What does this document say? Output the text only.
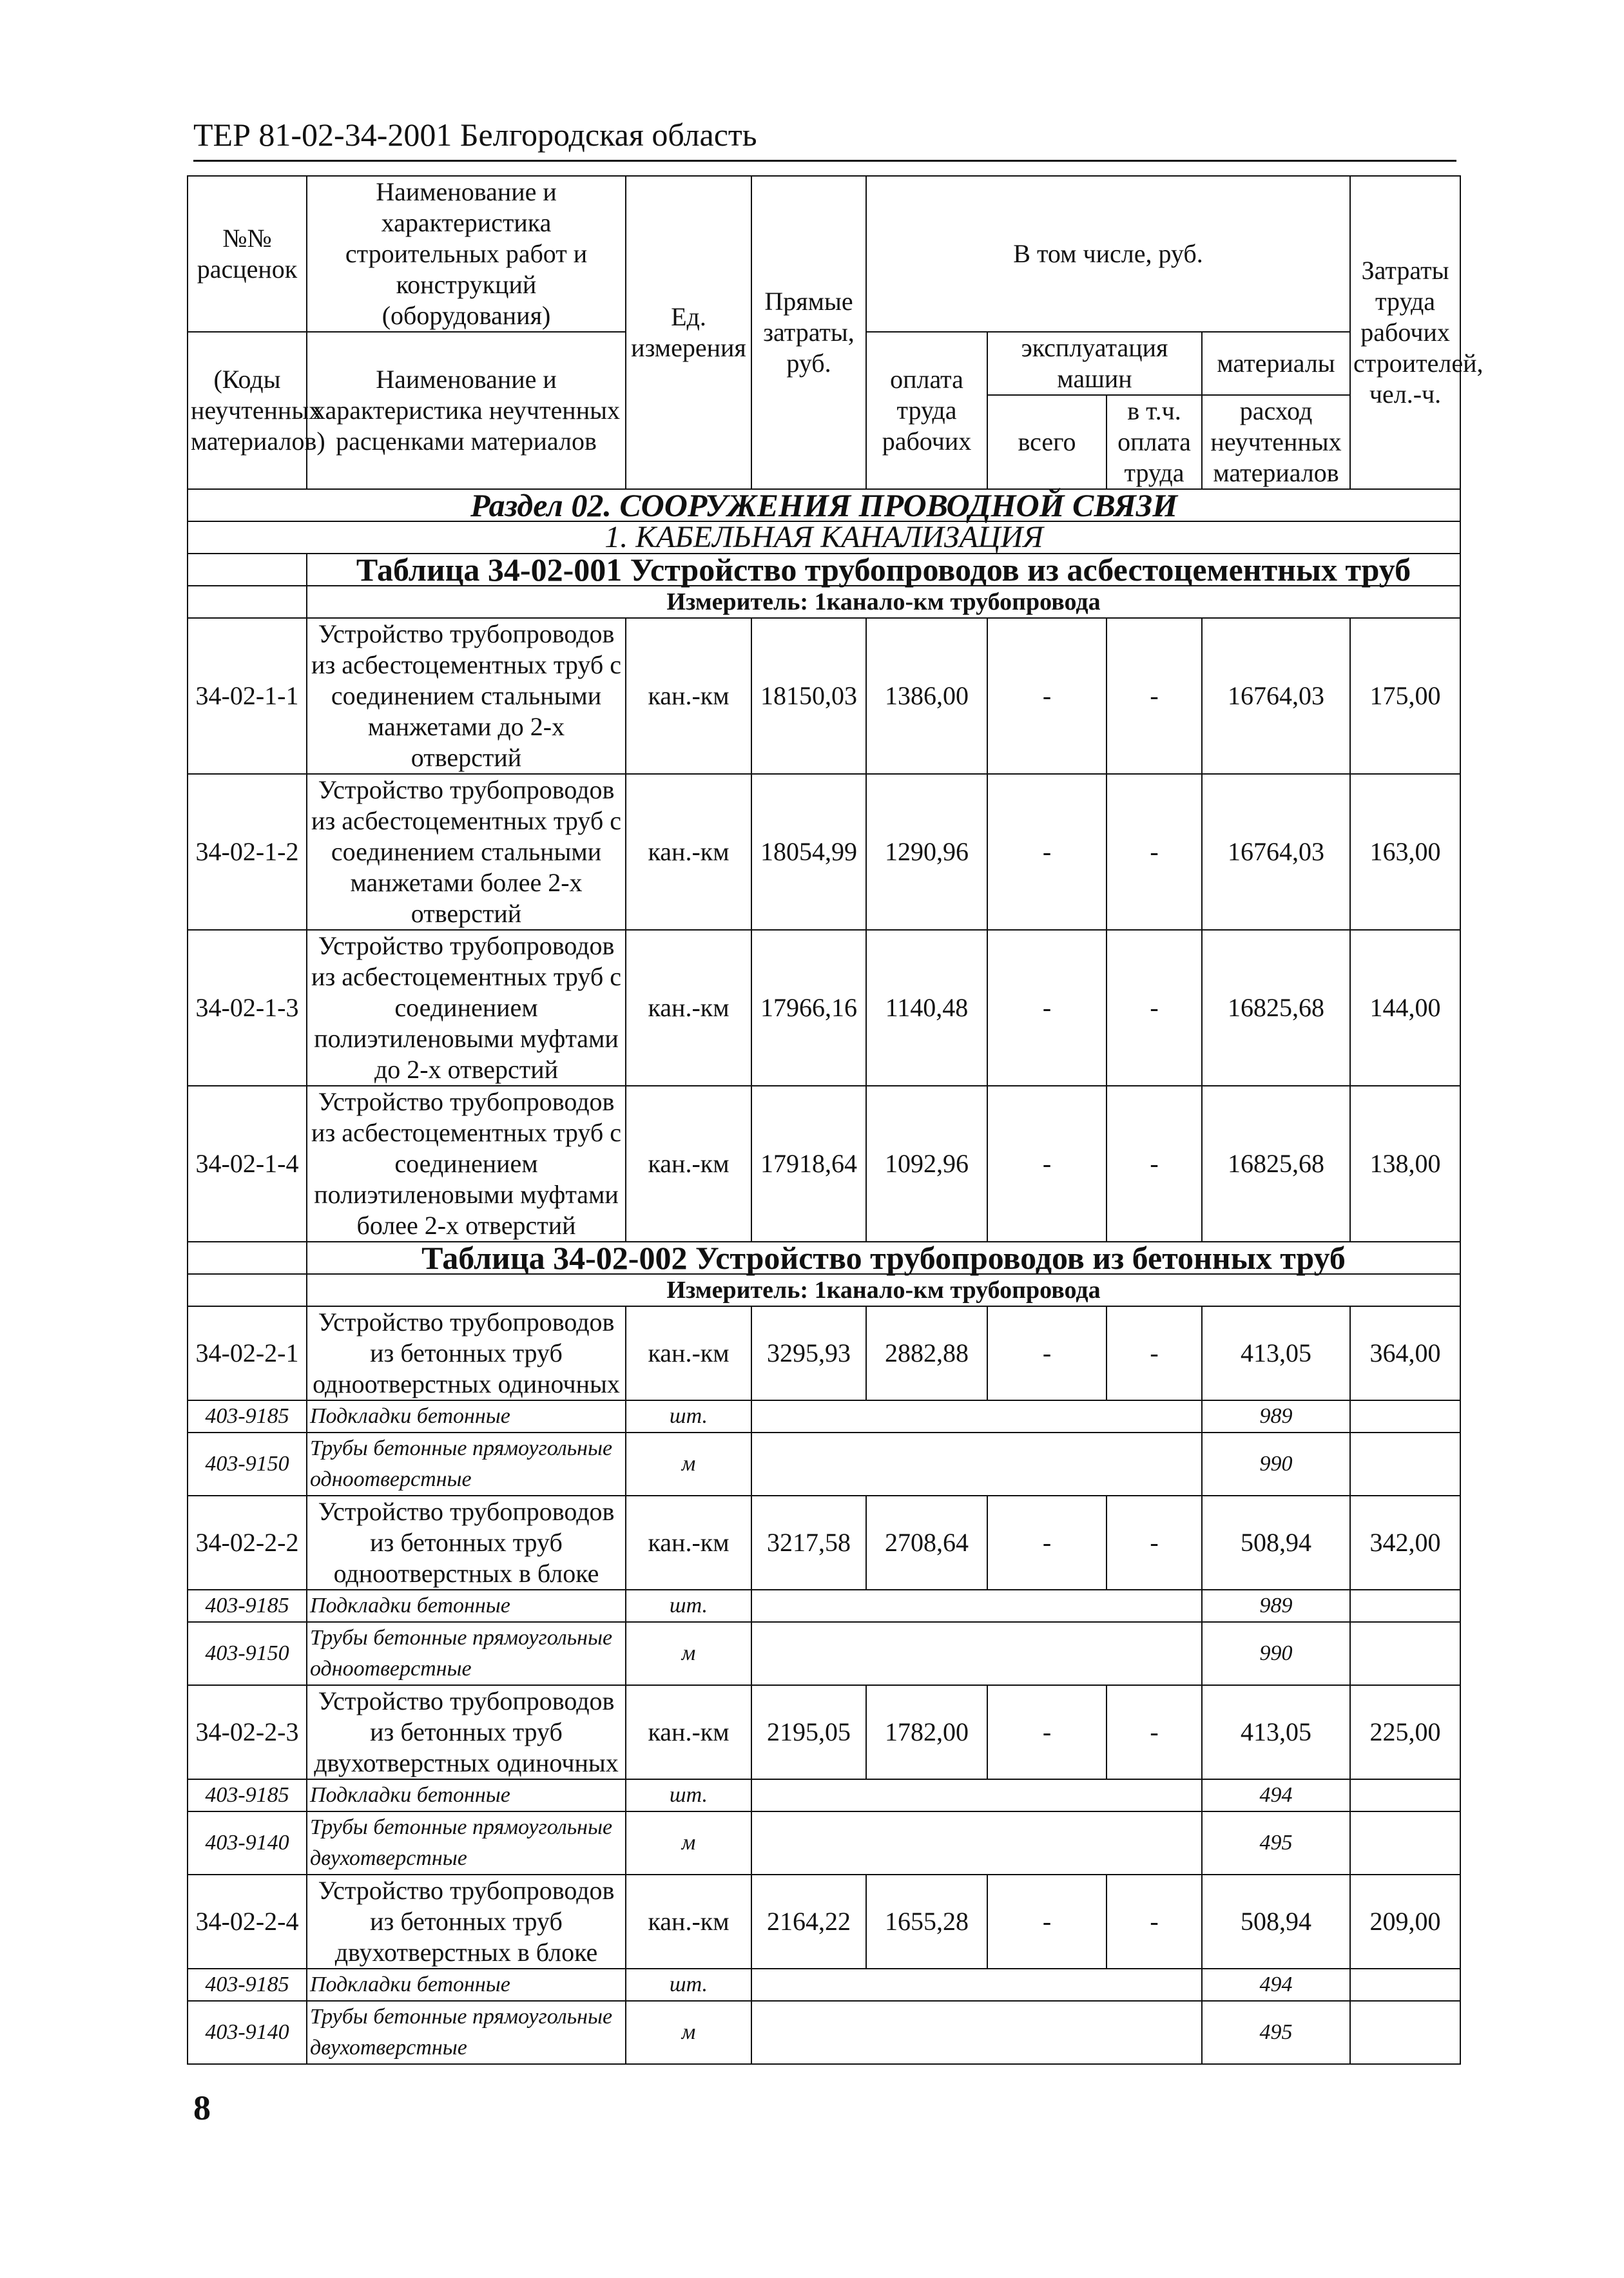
ТЕР 81-02-34-2001 Белгородская область
№№ расценок	Наименование и характеристика строительных работ и конструкций (оборудования)	Ед. измерения	Прямые затраты, руб.	В том числе, руб.				Затраты труда рабочих строителей, чел.-ч.
(Коды неучтенных материалов)	Наименование и характеристика неучтенных расценками материалов			оплата труда рабочих	эксплуатация машин		материалы	
					всего	в т.ч. оплата труда	расход неучтенных материалов	
Раздел 02. СООРУЖЕНИЯ ПРОВОДНОЙ СВЯЗИ								
1. КАБЕЛЬНАЯ КАНАЛИЗАЦИЯ								
	Таблица 34-02-001 Устройство трубопроводов из асбестоцементных труб							
	Измеритель: 1канало-км трубопровода							
34-02-1-1	Устройство трубопроводов из асбестоцементных труб с соединением стальными манжетами до 2-х отверстий	кан.-км	18150,03	1386,00	-	-	16764,03	175,00
34-02-1-2	Устройство трубопроводов из асбестоцементных труб с соединением стальными манжетами более 2-х отверстий	кан.-км	18054,99	1290,96	-	-	16764,03	163,00
34-02-1-3	Устройство трубопроводов из асбестоцементных труб с соединением полиэтиленовыми муфтами до 2-х отверстий	кан.-км	17966,16	1140,48	-	-	16825,68	144,00
34-02-1-4	Устройство трубопроводов из асбестоцементных труб с соединением полиэтиленовыми муфтами более 2-х отверстий	кан.-км	17918,64	1092,96	-	-	16825,68	138,00
	Таблица 34-02-002 Устройство трубопроводов из бетонных труб							
	Измеритель: 1канало-км трубопровода							
34-02-2-1	Устройство трубопроводов из бетонных труб одноотверстных одиночных	кан.-км	3295,93	2882,88	-	-	413,05	364,00
403-9185	Подкладки бетонные	шт.					989	
403-9150	Трубы бетонные прямоугольные одноотверстные	м					990	
34-02-2-2	Устройство трубопроводов из бетонных труб одноотверстных в блоке	кан.-км	3217,58	2708,64	-	-	508,94	342,00
403-9185	Подкладки бетонные	шт.					989	
403-9150	Трубы бетонные прямоугольные одноотверстные	м					990	
34-02-2-3	Устройство трубопроводов из бетонных труб двухотверстных одиночных	кан.-км	2195,05	1782,00	-	-	413,05	225,00
403-9185	Подкладки бетонные	шт.					494	
403-9140	Трубы бетонные прямоугольные двухотверстные	м					495	
34-02-2-4	Устройство трубопроводов из бетонных труб двухотверстных в блоке	кан.-км	2164,22	1655,28	-	-	508,94	209,00
403-9185	Подкладки бетонные	шт.					494	
403-9140	Трубы бетонные прямоугольные двухотверстные	м					495	
8
